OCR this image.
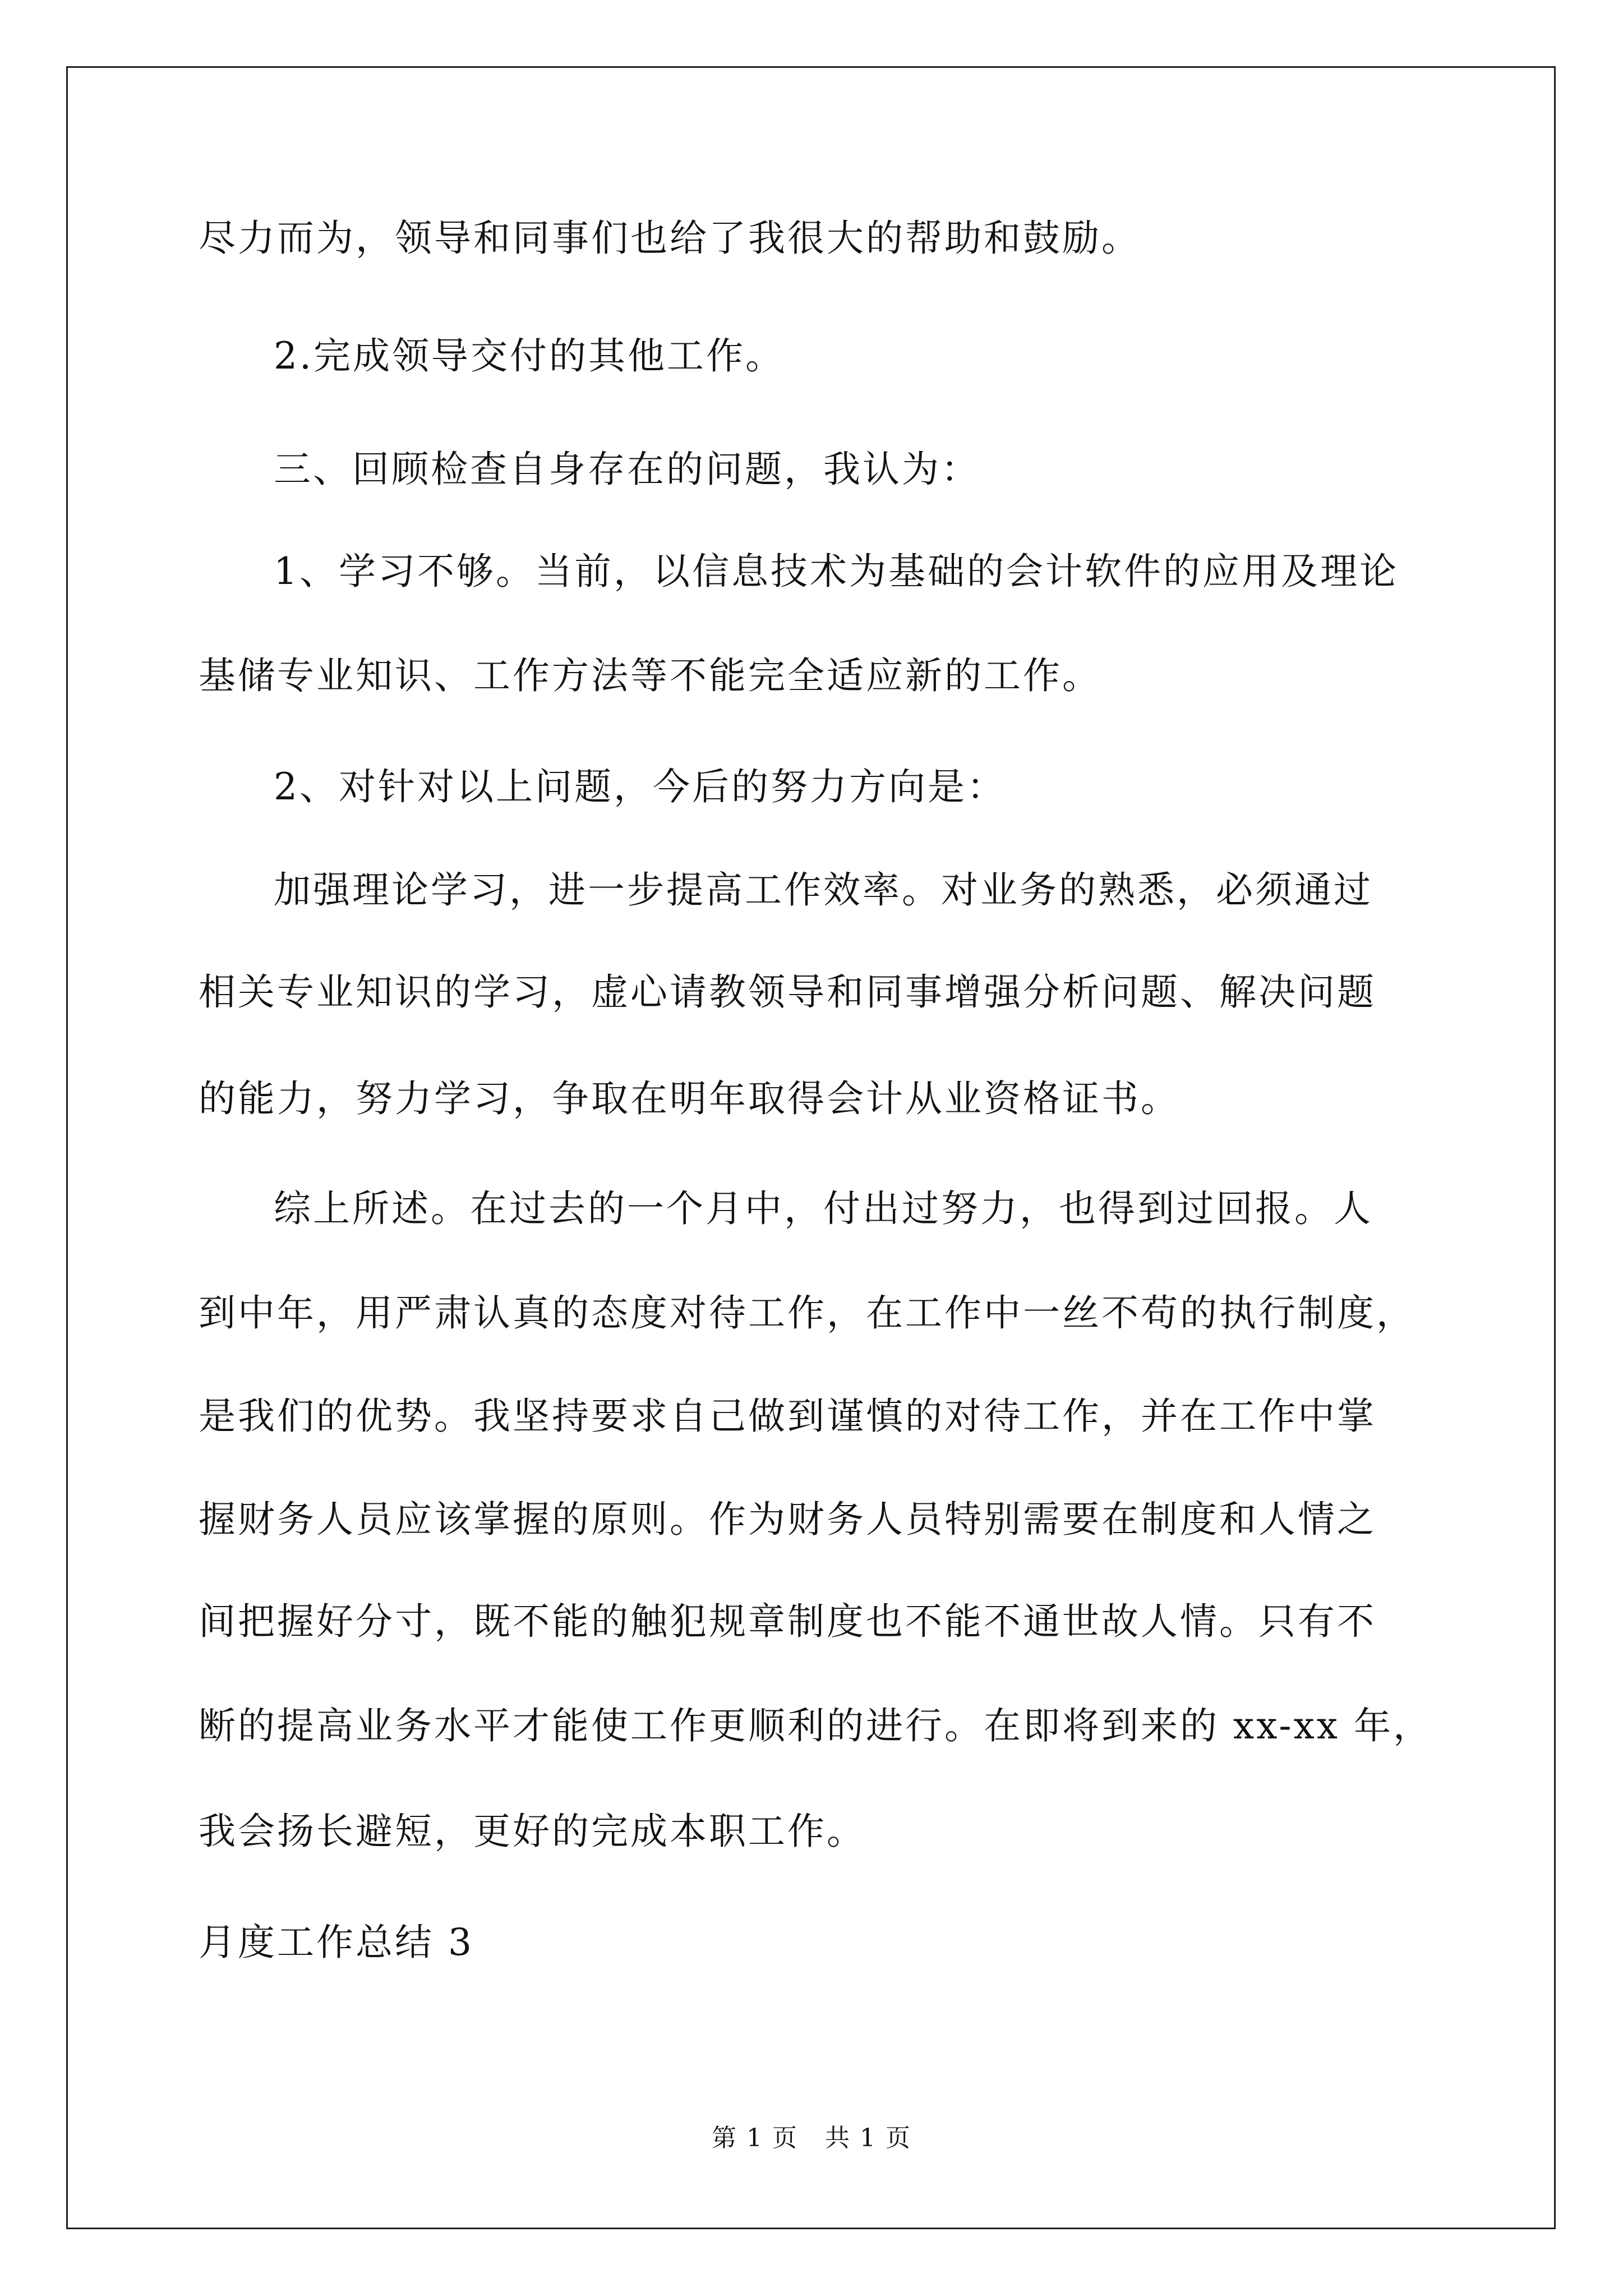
尽力而为，领导和同事们也给了我很大的帮助和鼓励。
2.完成领导交付的其他工作。
三、回顾检查自身存在的问题，我认为：
1、学习不够。当前，以信息技术为基础的会计软件的应用及理论
基储专业知识、工作方法等不能完全适应新的工作。
2、对针对以上问题，今后的努力方向是：
加强理论学习，进一步提高工作效率。对业务的熟悉，必须通过
相关专业知识的学习，虚心请教领导和同事增强分析问题、解决问题
的能力，努力学习，争取在明年取得会计从业资格证书。
综上所述。在过去的一个月中，付出过努力，也得到过回报。人
到中年，用严肃认真的态度对待工作，在工作中一丝不苟的执行制度，
是我们的优势。我坚持要求自己做到谨慎的对待工作，并在工作中掌
握财务人员应该掌握的原则。作为财务人员特别需要在制度和人情之
间把握好分寸，既不能的触犯规章制度也不能不通世故人情。只有不
断的提高业务水平才能使工作更顺利的进行。在即将到来的 xx-xx 年，
我会扬长避短，更好的完成本职工作。
月度工作总结 3
第 1 页   共 1 页
